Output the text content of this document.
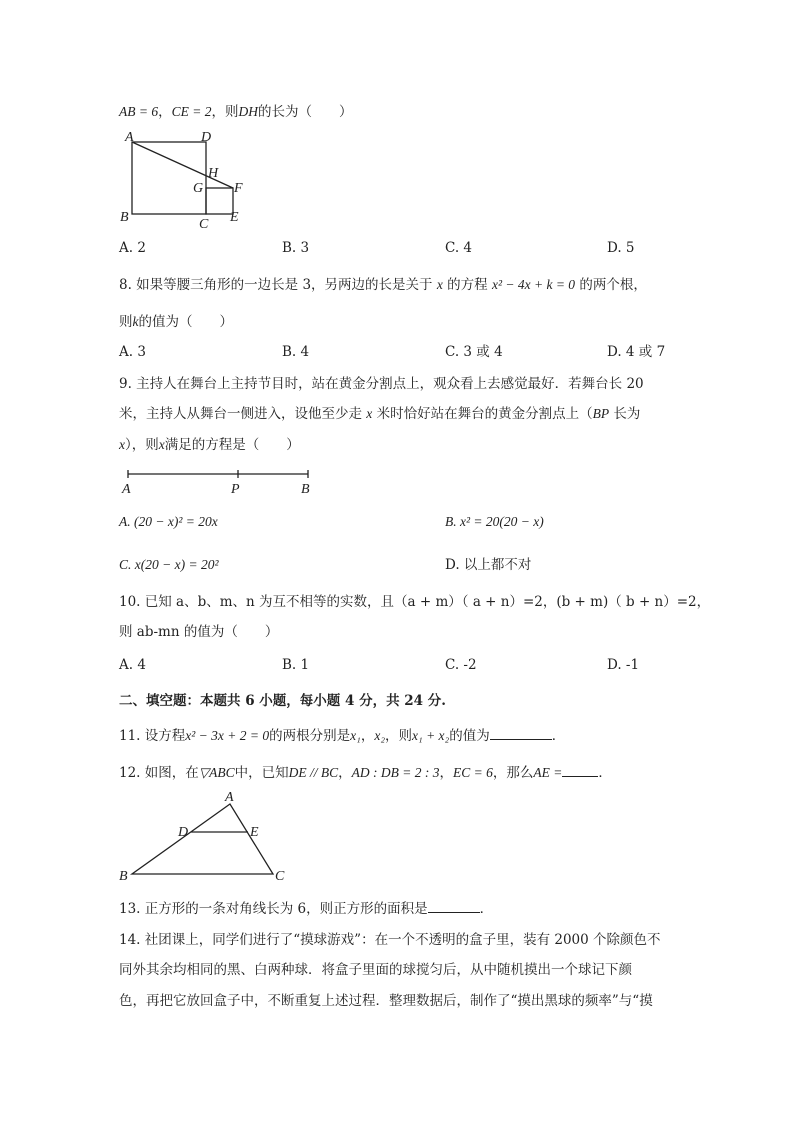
AB = 6，CE = 2，则DH的长为（　　）
A	D
H
G F
B	C E
A. 2	B. 3	C. 4	D. 5
8. 如果等腰三角形的一边长是 3，另两边的长是关于 x 的方程 x² − 4x + k = 0 的两个根，
则k的值为（　　）
A. 3	B. 4	C. 3 或 4	D. 4 或 7
9. 主持人在舞台上主持节目时，站在黄金分割点上，观众看上去感觉最好．若舞台长 20
米，主持人从舞台一侧进入，设他至少走 x 米时恰好站在舞台的黄金分割点上（BP 长为
x），则x满足的方程是（　　）
A	P	B
A. (20 − x)² = 20x	B. x² = 20(20 − x)
C. x(20 − x) = 20²	D. 以上都不对
10. 已知 a、b、m、n 为互不相等的实数，且（a + m）（ a + n）=2，(b + m)（ b + n）=2，
则 ab-mn 的值为（　　）
A. 4	B. 1	C. -2	D. -1
二、填空题：本题共 6 小题，每小题 4 分，共 24 分.
11. 设方程x² − 3x + 2 = 0的两根分别是x₁，x₂，则x₁ + x₂的值为	．
12. 如图，在▽ABC中，已知DE // BC，AD : DB = 2 : 3，EC = 6，那么AE =	．
A
D	E
B	C
13. 正方形的一条对角线长为 6，则正方形的面积是	．
14. 社团课上，同学们进行了“摸球游戏”：在一个不透明的盒子里，装有 2000 个除颜色不
同外其余均相同的黑、白两种球．将盒子里面的球搅匀后，从中随机摸出一个球记下颜
色，再把它放回盒子中，不断重复上述过程．整理数据后，制作了“摸出黑球的频率”与“摸
